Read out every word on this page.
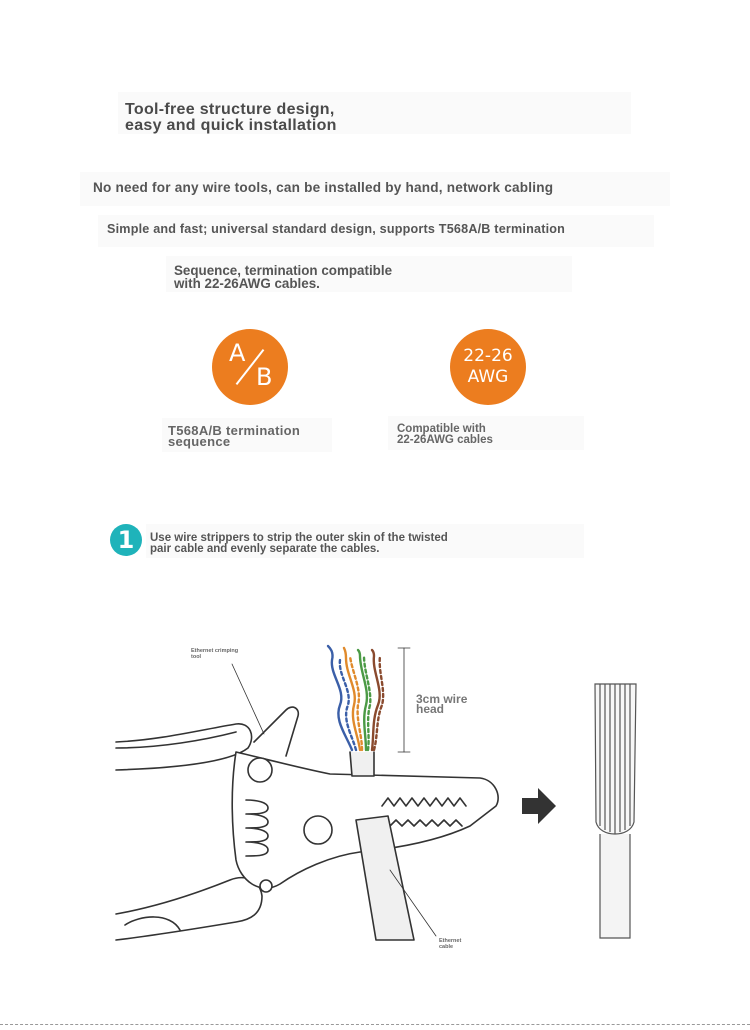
Tool-free structure design,
easy and quick installation
No need for any wire tools, can be installed by hand, network cabling
Simple and fast; universal standard design, supports T568A/B termination
Sequence, termination compatible
with 22-26AWG cables.
A
B
22-26
AWG
T568A/B termination
sequence
Compatible with
22-26AWG cables
1	Use wire strippers to strip the outer skin of the twisted
pair cable and evenly separate the cables.
Ethernet crimping
tool
3cm wire
head
Ethernet
cable
